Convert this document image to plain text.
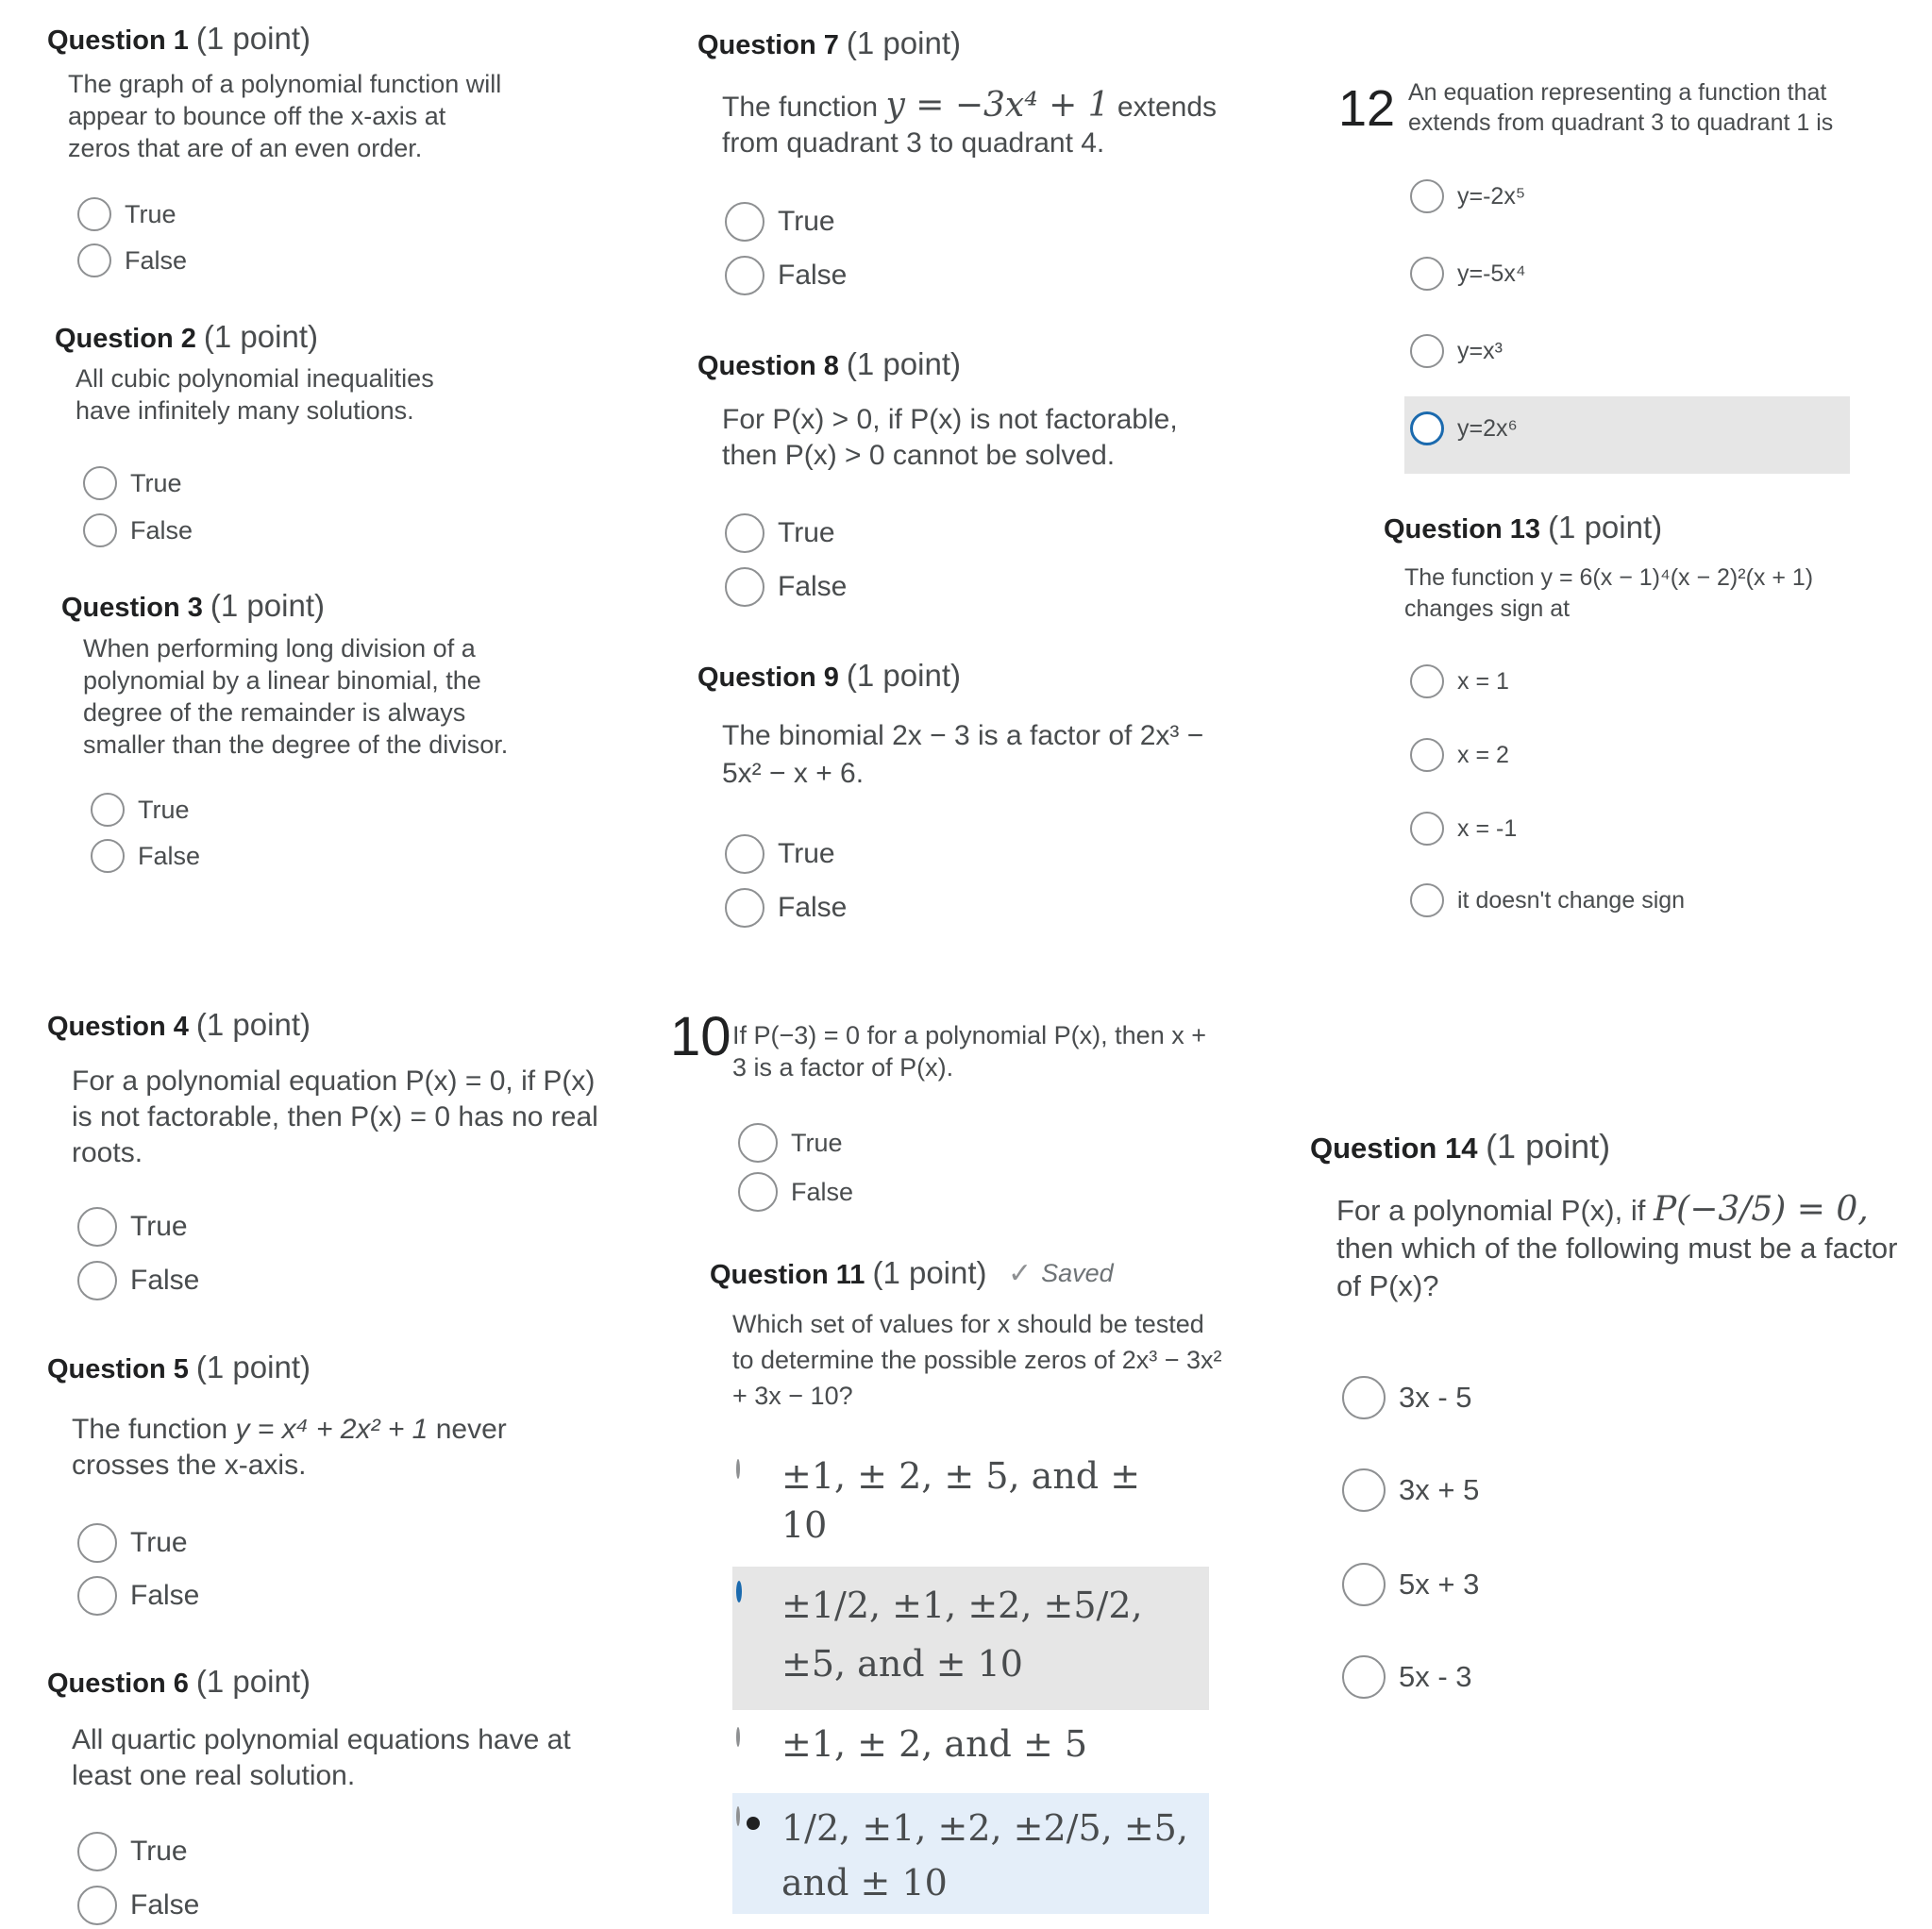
Question 1 (1 point)
The graph of a polynomial function will appear to bounce off the x-axis at zeros that are of an even order.
True
False
Question 2 (1 point)
All cubic polynomial inequalities have infinitely many solutions.
True
False
Question 3 (1 point)
When performing long division of a polynomial by a linear binomial, the degree of the remainder is always smaller than the degree of the divisor.
True
False
Question 4 (1 point)
For a polynomial equation P(x) = 0, if P(x) is not factorable, then P(x) = 0 has no real roots.
True
False
Question 5 (1 point)
The function y = x⁴ + 2x² + 1 never crosses the x-axis.
True
False
Question 6 (1 point)
All quartic polynomial equations have at least one real solution.
True
False
Question 7 (1 point)
The function y = −3x⁴ + 1 extends from quadrant 3 to quadrant 4.
True
False
Question 8 (1 point)
For P(x) > 0, if P(x) is not factorable, then P(x) > 0 cannot be solved.
True
False
Question 9 (1 point)
The binomial 2x − 3 is a factor of 2x³ − 5x² − x + 6.
True
False
10 If P(−3) = 0 for a polynomial P(x), then x + 3 is a factor of P(x).
True
False
Question 11 (1 point) ✓ Saved
Which set of values for x should be tested to determine the possible zeros of 2x³ − 3x² + 3x − 10?
±1, ± 2, ± 5, and ± 10
±1/2, ±1, ±2, ±5/2, ±5, and ± 10
±1, ± 2, and ± 5
1/2, ±1, ±2, ±2/5, ±5, and ± 10
12 An equation representing a function that extends from quadrant 3 to quadrant 1 is
y=-2x⁵
y=-5x⁴
y=x³
y=2x⁶
Question 13 (1 point)
The function y = 6(x − 1)⁴(x − 2)²(x + 1) changes sign at
x = 1
x = 2
x = -1
it doesn't change sign
Question 14 (1 point)
For a polynomial P(x), if P(−3/5) = 0,
then which of the following must be a factor of P(x)?
3x - 5
3x + 5
5x + 3
5x - 3
